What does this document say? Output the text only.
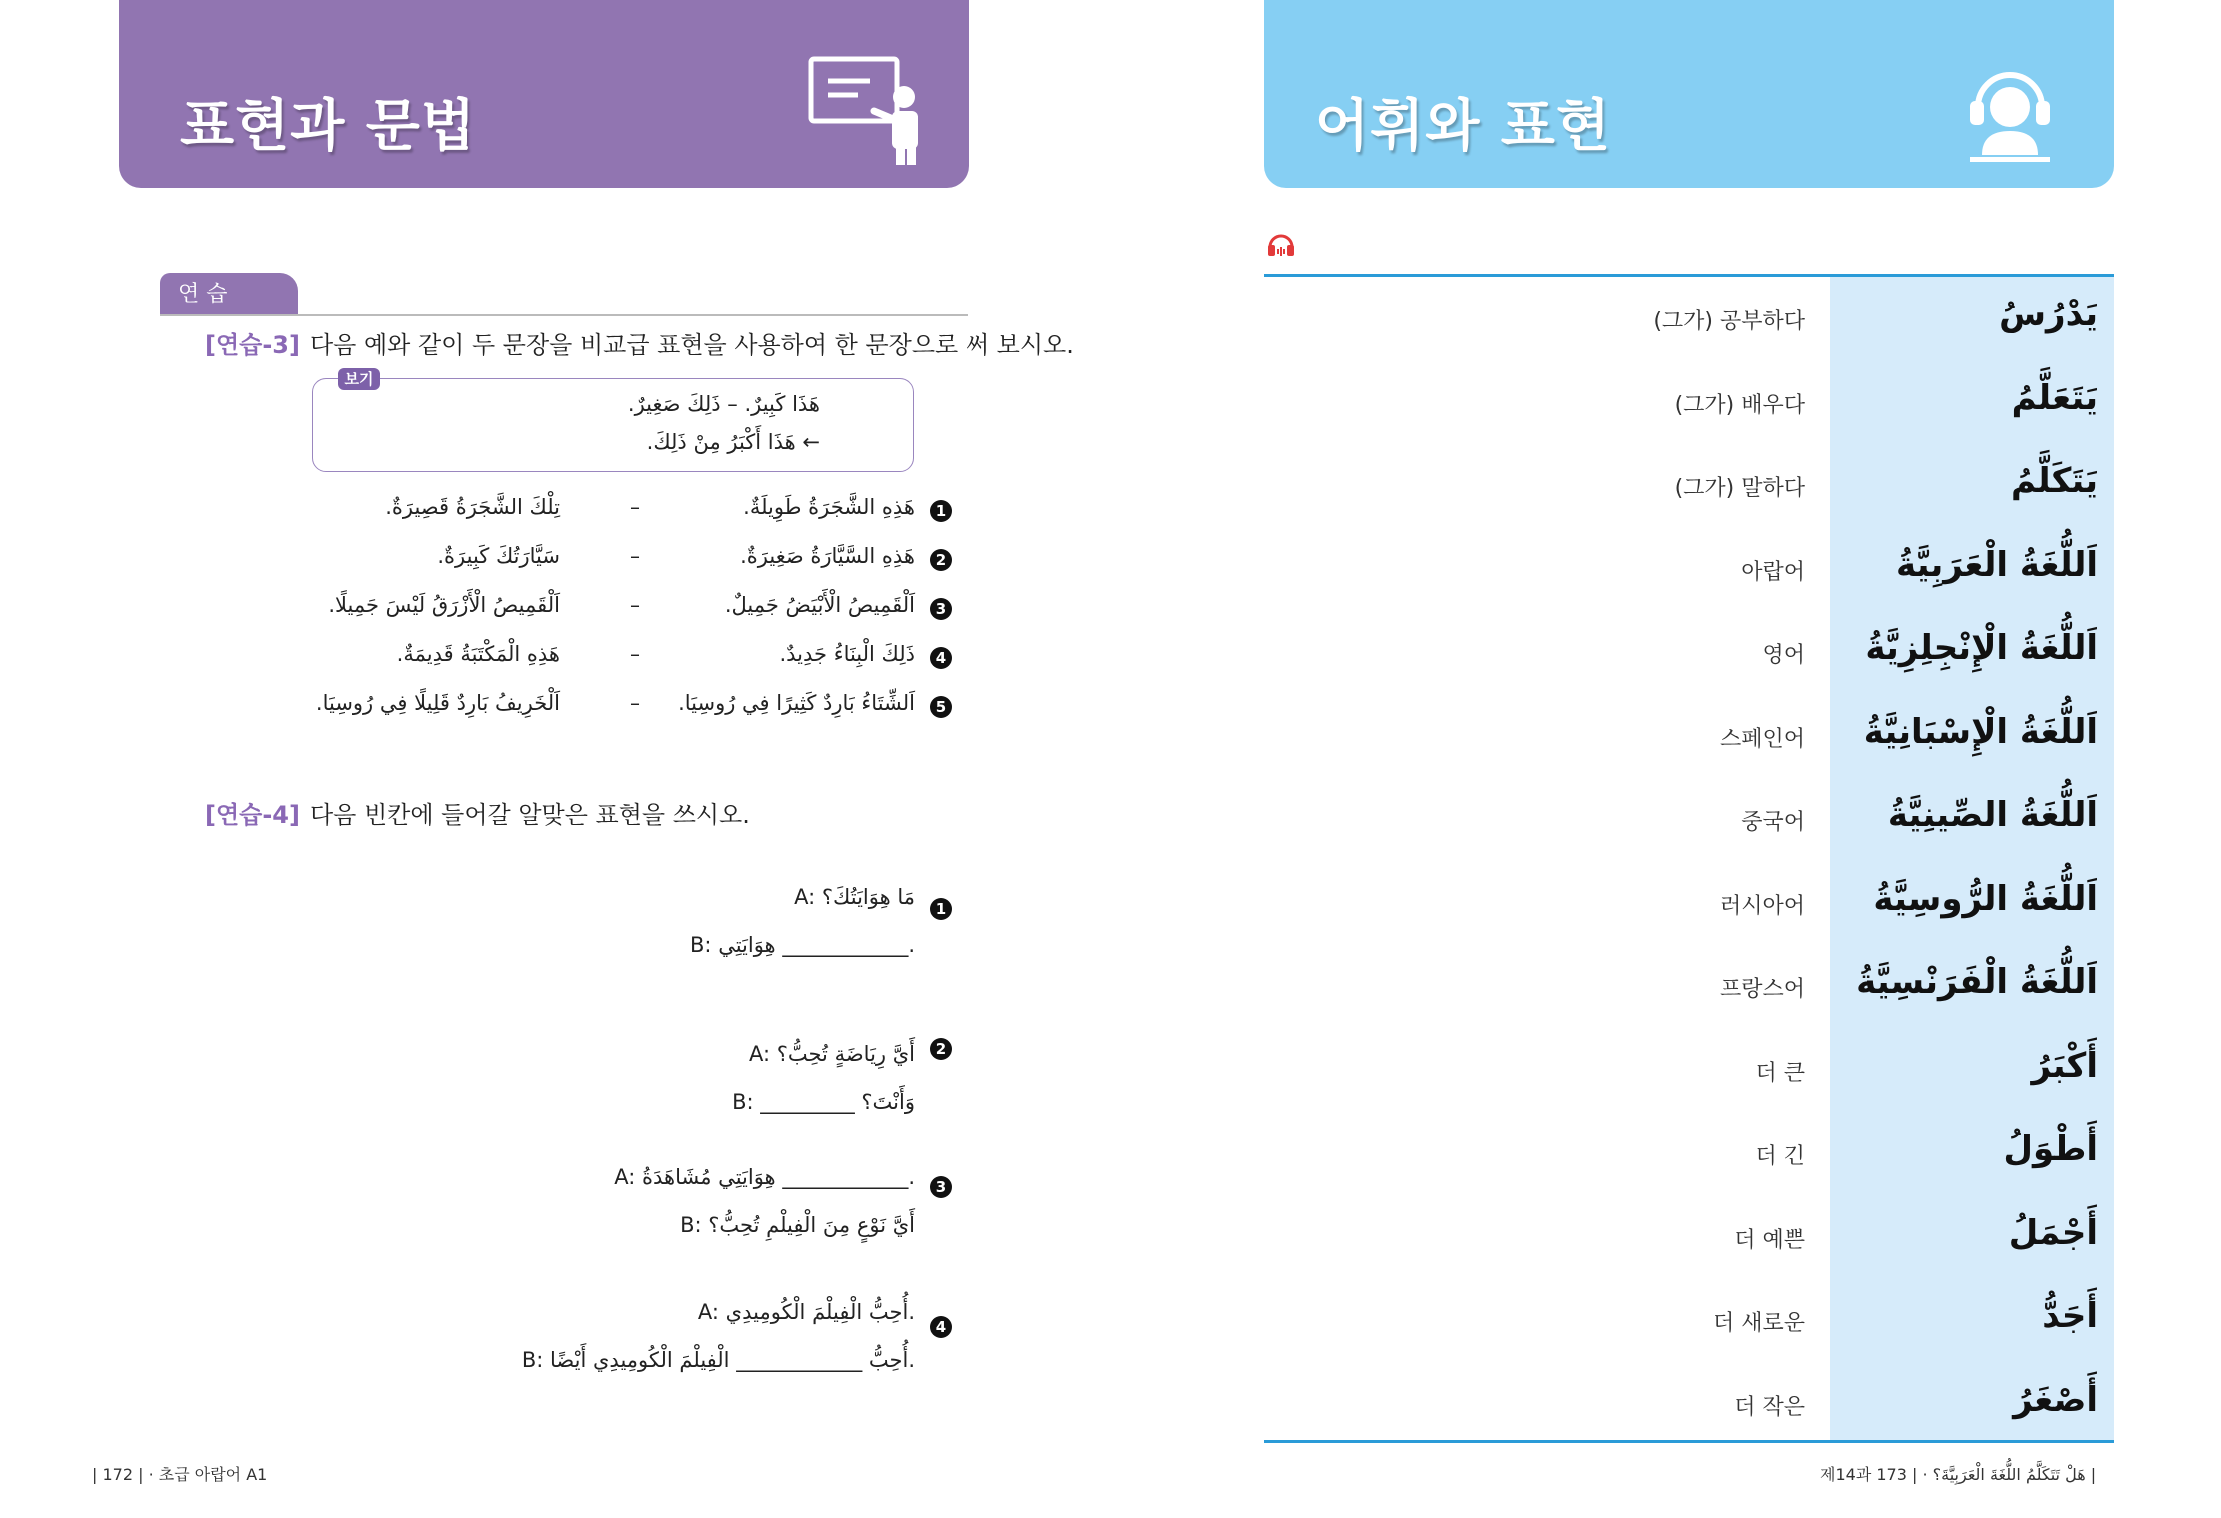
표현과 문법
연 습
[연습-3] 다음 예와 같이 두 문장을 비교급 표현을 사용하여 한 문장으로 써 보시오.
보기
هَذَا كَبِيرٌ. – ذَلِكَ صَغِيرٌ.
← هَذَا أَكْبَرُ مِنْ ذَلِكَ.
1
هَذِهِ الشَّجَرَةُ طَوِيلَةٌ.
–
تِلْكَ الشَّجَرَةُ قَصِيرَةٌ.
2
هَذِهِ السَّيَّارَةُ صَغِيرَةٌ.
–
سَيَّارَتُكَ كَبِيرَةٌ.
3
اَلْقَمِيصُ الْأَبْيَضُ جَمِيلٌ.
–
اَلْقَمِيصُ الْأَزْرَقُ لَيْسَ جَمِيلًا.
4
ذَلِكَ الْبِنَاءُ جَدِيدٌ.
–
هَذِهِ الْمَكْتَبَةُ قَدِيمَةٌ.
5
اَلشِّتَاءُ بَارِدٌ كَثِيرًا فِي رُوسِيَا.
–
اَلْخَرِيفُ بَارِدٌ قَلِيلًا فِي رُوسِيَا.
[연습-4] 다음 빈칸에 들어갈 알맞은 표현을 쓰시오.
1
A: مَا هِوَايَتُكَ؟
B: هِوَايَتِي ____________.
2
A: أَيَّ رِيَاضَةٍ تُحِبُّ؟
B: _________ وَأَنْتَ؟
3
A: هِوَايَتِي مُشَاهَدَةُ ____________.
B: أَيَّ نَوْعٍ مِنَ الْفِيلْمِ تُحِبُّ؟
4
A: أُحِبُّ الْفِيلْمَ الْكُومِيدِي.
B: أُحِبُّ ____________ الْفِيلْمَ الْكُومِيدِي أَيْضًا.
| 172 | · 초급 아랍어 A1
어휘와 표현
(그가) 공부하다	يَدْرُسُ
(그가) 배우다	يَتَعَلَّمُ
(그가) 말하다	يَتَكَلَّمُ
아랍어	اَللُّغَةُ الْعَرَبِيَّةُ
영어	اَللُّغَةُ الْإِنْجِلِزِيَّةُ
스페인어	اَللُّغَةُ الْإِسْبَانِيَّةُ
중국어	اَللُّغَةُ الصِّينِيَّةُ
러시아어	اَللُّغَةُ الرُّوسِيَّةُ
프랑스어	اَللُّغَةُ الْفَرَنْسِيَّةُ
더 큰	أَكْبَرُ
더 긴	أَطْوَلُ
더 예쁜	أَجْمَلُ
더 새로운	أَجَدُّ
더 작은	أَصْغَرُ
제14과 هَلْ تَتَكَلَّمُ اللُّغَةَ الْعَرَبِيَّةَ؟ · | 173 |
